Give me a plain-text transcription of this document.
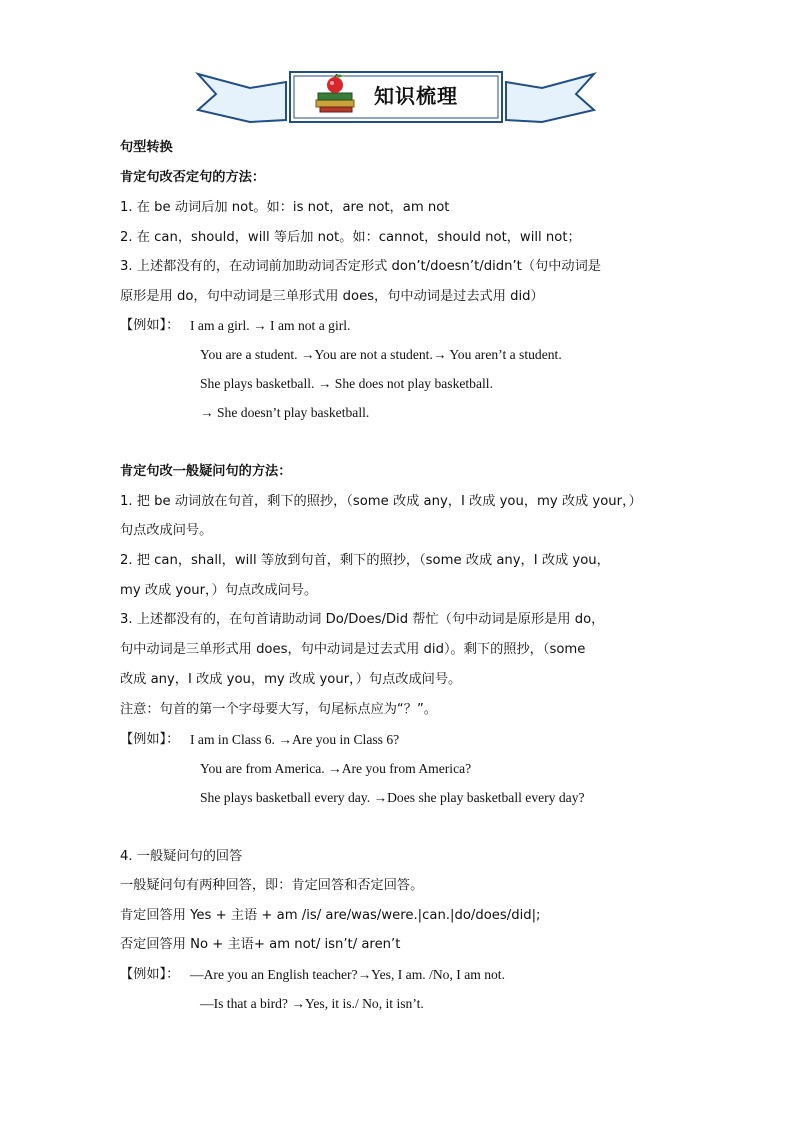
知识梳理
句型转换
肯定句改否定句的方法：
1. 在 be 动词后加 not。如：is not，are not，am not
2. 在 can，should，will 等后加 not。如：cannot，should not，will not；
3. 上述都没有的，在动词前加助动词否定形式 don’t/doesn’t/didn’t（句中动词是
原形是用 do，句中动词是三单形式用 does，句中动词是过去式用 did）
【例如】： I am a girl. → I am not a girl.
You are a student. →You are not a student.→ You aren’t a student.
She plays basketball. → She does not play basketball.
→ She doesn’t play basketball.
肯定句改一般疑问句的方法：
1. 把 be 动词放在句首，剩下的照抄，（some 改成 any，I 改成 you，my 改成 your，）
句点改成问号。
2. 把 can，shall，will 等放到句首，剩下的照抄，（some 改成 any，I 改成 you，
my 改成 your，）句点改成问号。
3. 上述都没有的，在句首请助动词 Do/Does/Did 帮忙（句中动词是原形是用 do，
句中动词是三单形式用 does，句中动词是过去式用 did）。剩下的照抄，（some
改成 any，I 改成 you，my 改成 your，）句点改成问号。
注意：句首的第一个字母要大写，句尾标点应为“？”。
【例如】： I am in Class 6. →Are you in Class 6?
You are from America. →Are you from America?
She plays basketball every day. →Does she play basketball every day?
4. 一般疑问句的回答
一般疑问句有两种回答，即：肯定回答和否定回答。
肯定回答用 Yes + 主语 + am /is/ are/was/were.|can.|do/does/did|;
否定回答用 No + 主语+ am not/ isn’t/ aren’t
【例如】： —Are you an English teacher?→Yes, I am. /No, I am not.
—Is that a bird? →Yes, it is./ No, it isn’t.
